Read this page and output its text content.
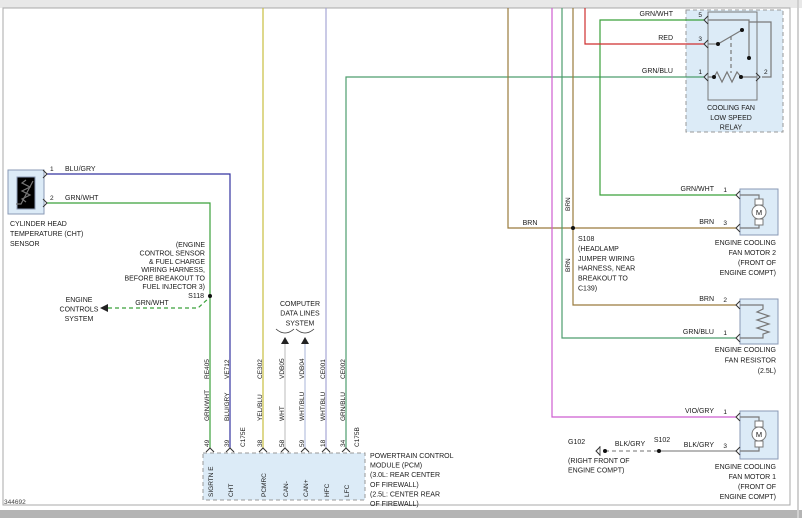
1 BLU/GRY
2 GRN/WHT
CYLINDER HEAD
TEMPERATURE (CHT)
SENSOR	(ENGINE
CONTROL SENSOR
& FUEL CHARGE
WIRING HARNESS,
BEFORE BREAKOUT TO
FUEL INJECTOR 3)
S118
ENGINE
CONTROLS
SYSTEM
GRN/WHT
GRN/WHT
RE405
BLU/GRY
VE712
YEL/BLU
CE302
WHT
VDB05
WHT/BLU
VDB04
WHT/BLU
CE001
GRN/BLU
CE002
49 39 C175E 38 58 59 18 34 C175B
SIGRTN E CHT	PCMRC CAN- CAN+ HFC LFC
POWERTRAIN CONTROL
MODULE (PCM)
(3.0L: REAR CENTER
OF FIREWALL)
(2.5L: CENTER REAR
OF FIREWALL)
COMPUTER
DATA LINES
SYSTEM
GRN/WHT	5
RED	3
GRN/BLU	1	2
COOLING FAN
LOW SPEED
RELAY
BRN
BRN
BRN
S108
(HEADLAMP
JUMPER WIRING
HARNESS, NEAR
BREAKOUT TO
C139)
GRN/WHT 1
BRN 3
M
ENGINE COOLING
FAN MOTOR 2
(FRONT OF
ENGINE COMPT)
BRN 2
GRN/BLU 1
ENGINE COOLING
FAN RESISTOR
(2.5L)
VIO/GRY 1
BLK/GRY 3
M
ENGINE COOLING
FAN MOTOR 1
(FRONT OF
ENGINE COMPT)
S102
BLK/GRY
G102
(RIGHT FRONT OF
ENGINE COMPT)
344692
